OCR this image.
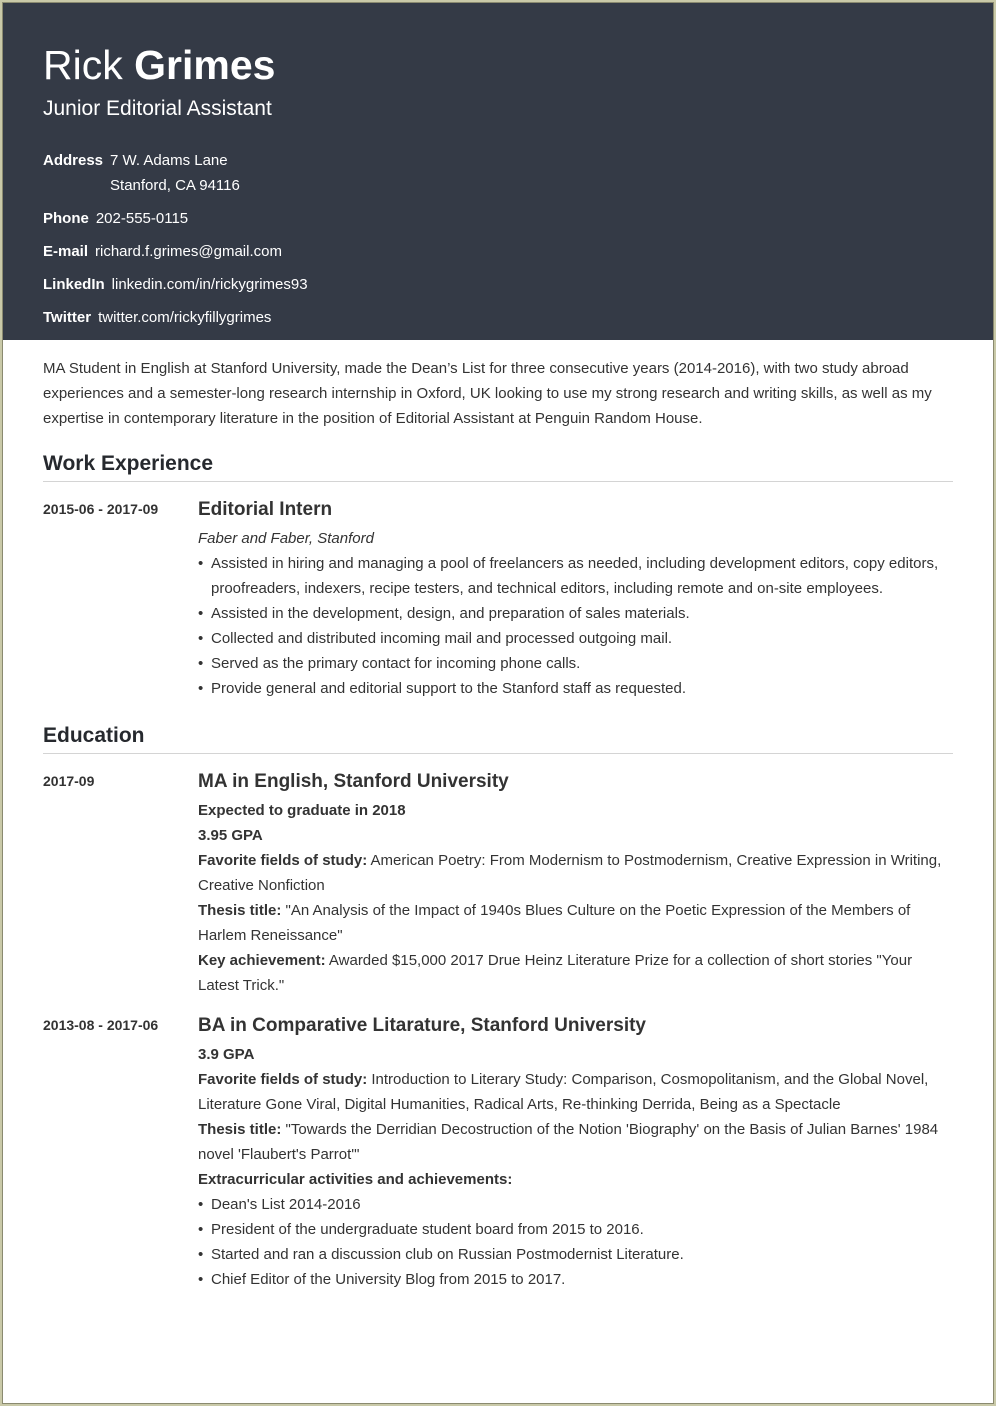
Rick Grimes
Junior Editorial Assistant
Address 7 W. Adams Lane
Stanford, CA 94116
Phone 202-555-0115
E-mail richard.f.grimes@gmail.com
LinkedIn linkedin.com/in/rickygrimes93
Twitter twitter.com/rickyfillygrimes

MA Student in English at Stanford University, made the Dean’s List for three consecutive years (2014-2016), with two study abroad experiences and a semester-long research internship in Oxford, UK looking to use my strong research and writing skills, as well as my expertise in contemporary literature in the position of Editorial Assistant at Penguin Random House.

Work Experience
2015-06 - 2017-09	Editorial Intern
Faber and Faber, Stanford
• Assisted in hiring and managing a pool of freelancers as needed, including development editors, copy editors, proofreaders, indexers, recipe testers, and technical editors, including remote and on-site employees.
• Assisted in the development, design, and preparation of sales materials.
• Collected and distributed incoming mail and processed outgoing mail.
• Served as the primary contact for incoming phone calls.
• Provide general and editorial support to the Stanford staff as requested.
Education
2017-09	MA in English, Stanford University
Expected to graduate in 2018
3.95 GPA
Favorite fields of study: American Poetry: From Modernism to Postmodernism, Creative Expression in Writing, Creative Nonfiction
Thesis title: "An Analysis of the Impact of 1940s Blues Culture on the Poetic Expression of the Members of Harlem Reneissance"
Key achievement: Awarded $15,000 2017 Drue Heinz Literature Prize for a collection of short stories "Your Latest Trick."
2013-08 - 2017-06	BA in Comparative Litarature, Stanford University
3.9 GPA
Favorite fields of study: Introduction to Literary Study: Comparison, Cosmopolitanism, and the Global Novel, Literature Gone Viral, Digital Humanities, Radical Arts, Re-thinking Derrida, Being as a Spectacle
Thesis title: "Towards the Derridian Decostruction of the Notion 'Biography' on the Basis of Julian Barnes' 1984 novel 'Flaubert's Parrot'"
Extracurricular activities and achievements:
• Dean's List 2014-2016
• President of the undergraduate student board from 2015 to 2016.
• Started and ran a discussion club on Russian Postmodernist Literature.
• Chief Editor of the University Blog from 2015 to 2017.
